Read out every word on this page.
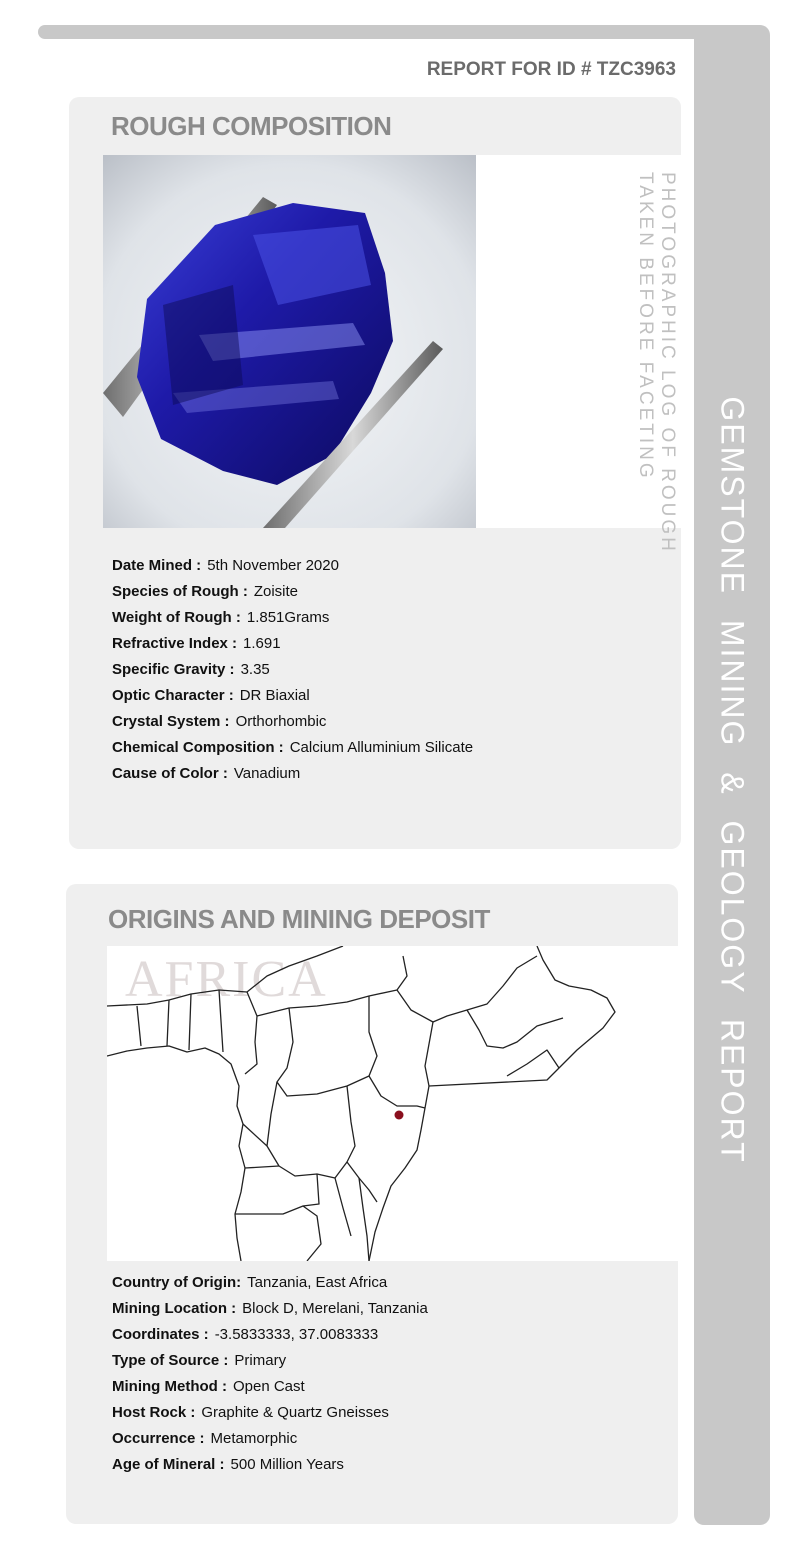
GEMSTONE MINING & GEOLOGY REPORT
REPORT FOR ID # TZC3963
ROUGH COMPOSITION
PHOTOGRAPHIC LOG OF ROUGH
TAKEN BEFORE FACETING
Date Mined : 5th November 2020
Species of Rough : Zoisite
Weight of Rough : 1.851Grams
Refractive Index : 1.691
Specific Gravity : 3.35
Optic Character : DR Biaxial
Crystal System : Orthorhombic
Chemical Composition : Calcium Alluminium Silicate
Cause of Color : Vanadium
ORIGINS AND MINING DEPOSIT
AFRICA
Country of Origin: Tanzania, East Africa
Mining Location : Block D, Merelani, Tanzania
Coordinates : -3.5833333, 37.0083333
Type of Source : Primary
Mining Method : Open Cast
Host Rock : Graphite & Quartz Gneisses
Occurrence : Metamorphic
Age of Mineral : 500 Million Years
